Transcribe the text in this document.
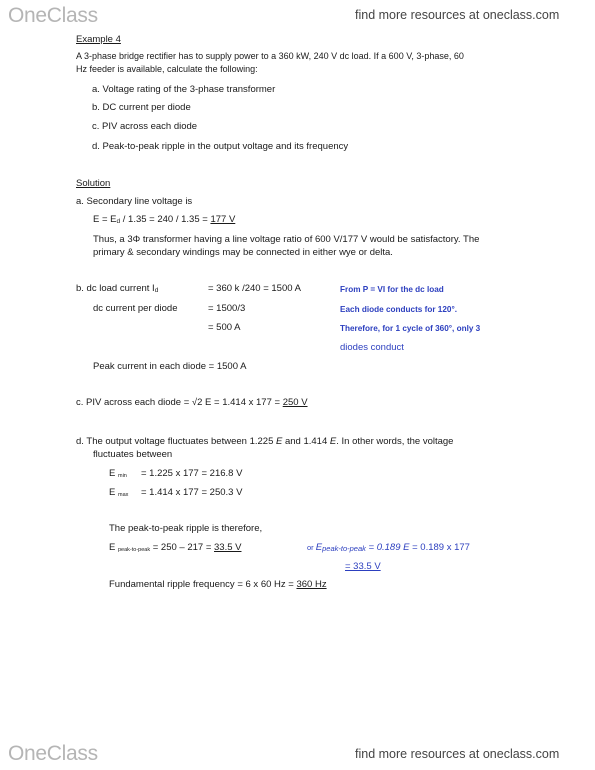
OneClass	find more resources at oneclass.com
Example 4
A 3-phase bridge rectifier has to supply power to a 360 kW, 240 V dc load. If a 600 V, 3-phase, 60
Hz feeder is available, calculate the following:
a. Voltage rating of the 3-phase transformer
b. DC current per diode
c. PIV across each diode
d. Peak-to-peak ripple in the output voltage and its frequency
Solution
a. Secondary line voltage is
$E = E_d / 1.35 = 240 / 1.35 = 177$ V
Thus, a 3Φ transformer having a line voltage ratio of 600 V/177 V would be satisfactory. The
primary & secondary windings may be connected in either wye or delta.
b. dc load current $I_d$	= 360 k /240 = 1500 A	From P = VI for the dc load
dc current per diode	= 1500/3	Each diode conducts for 120°.
= 500 A	Therefore, for 1 cycle of 360°, only 3
diodes conduct
Peak current in each diode = 1500 A
c. PIV across each diode = √2 E = 1.414 x 177 = 250 V
d. The output voltage fluctuates between 1.225 E and 1.414 E. In other words, the voltage
fluctuates between
E $_{min}$ = 1.225 x 177 = 216.8 V
E $_{max}$ = 1.414 x 177 = 250.3 V
The peak-to-peak ripple is therefore,
E $_{peak-to-peak}$ = 250 – 217 = 33.5 V	or $E_{peak-to-peak} = 0.189$ E = 0.189 x 177
= 33.5 V
Fundamental ripple frequency = 6 x 60 Hz = 360 Hz
OneClass	find more resources at oneclass.com
